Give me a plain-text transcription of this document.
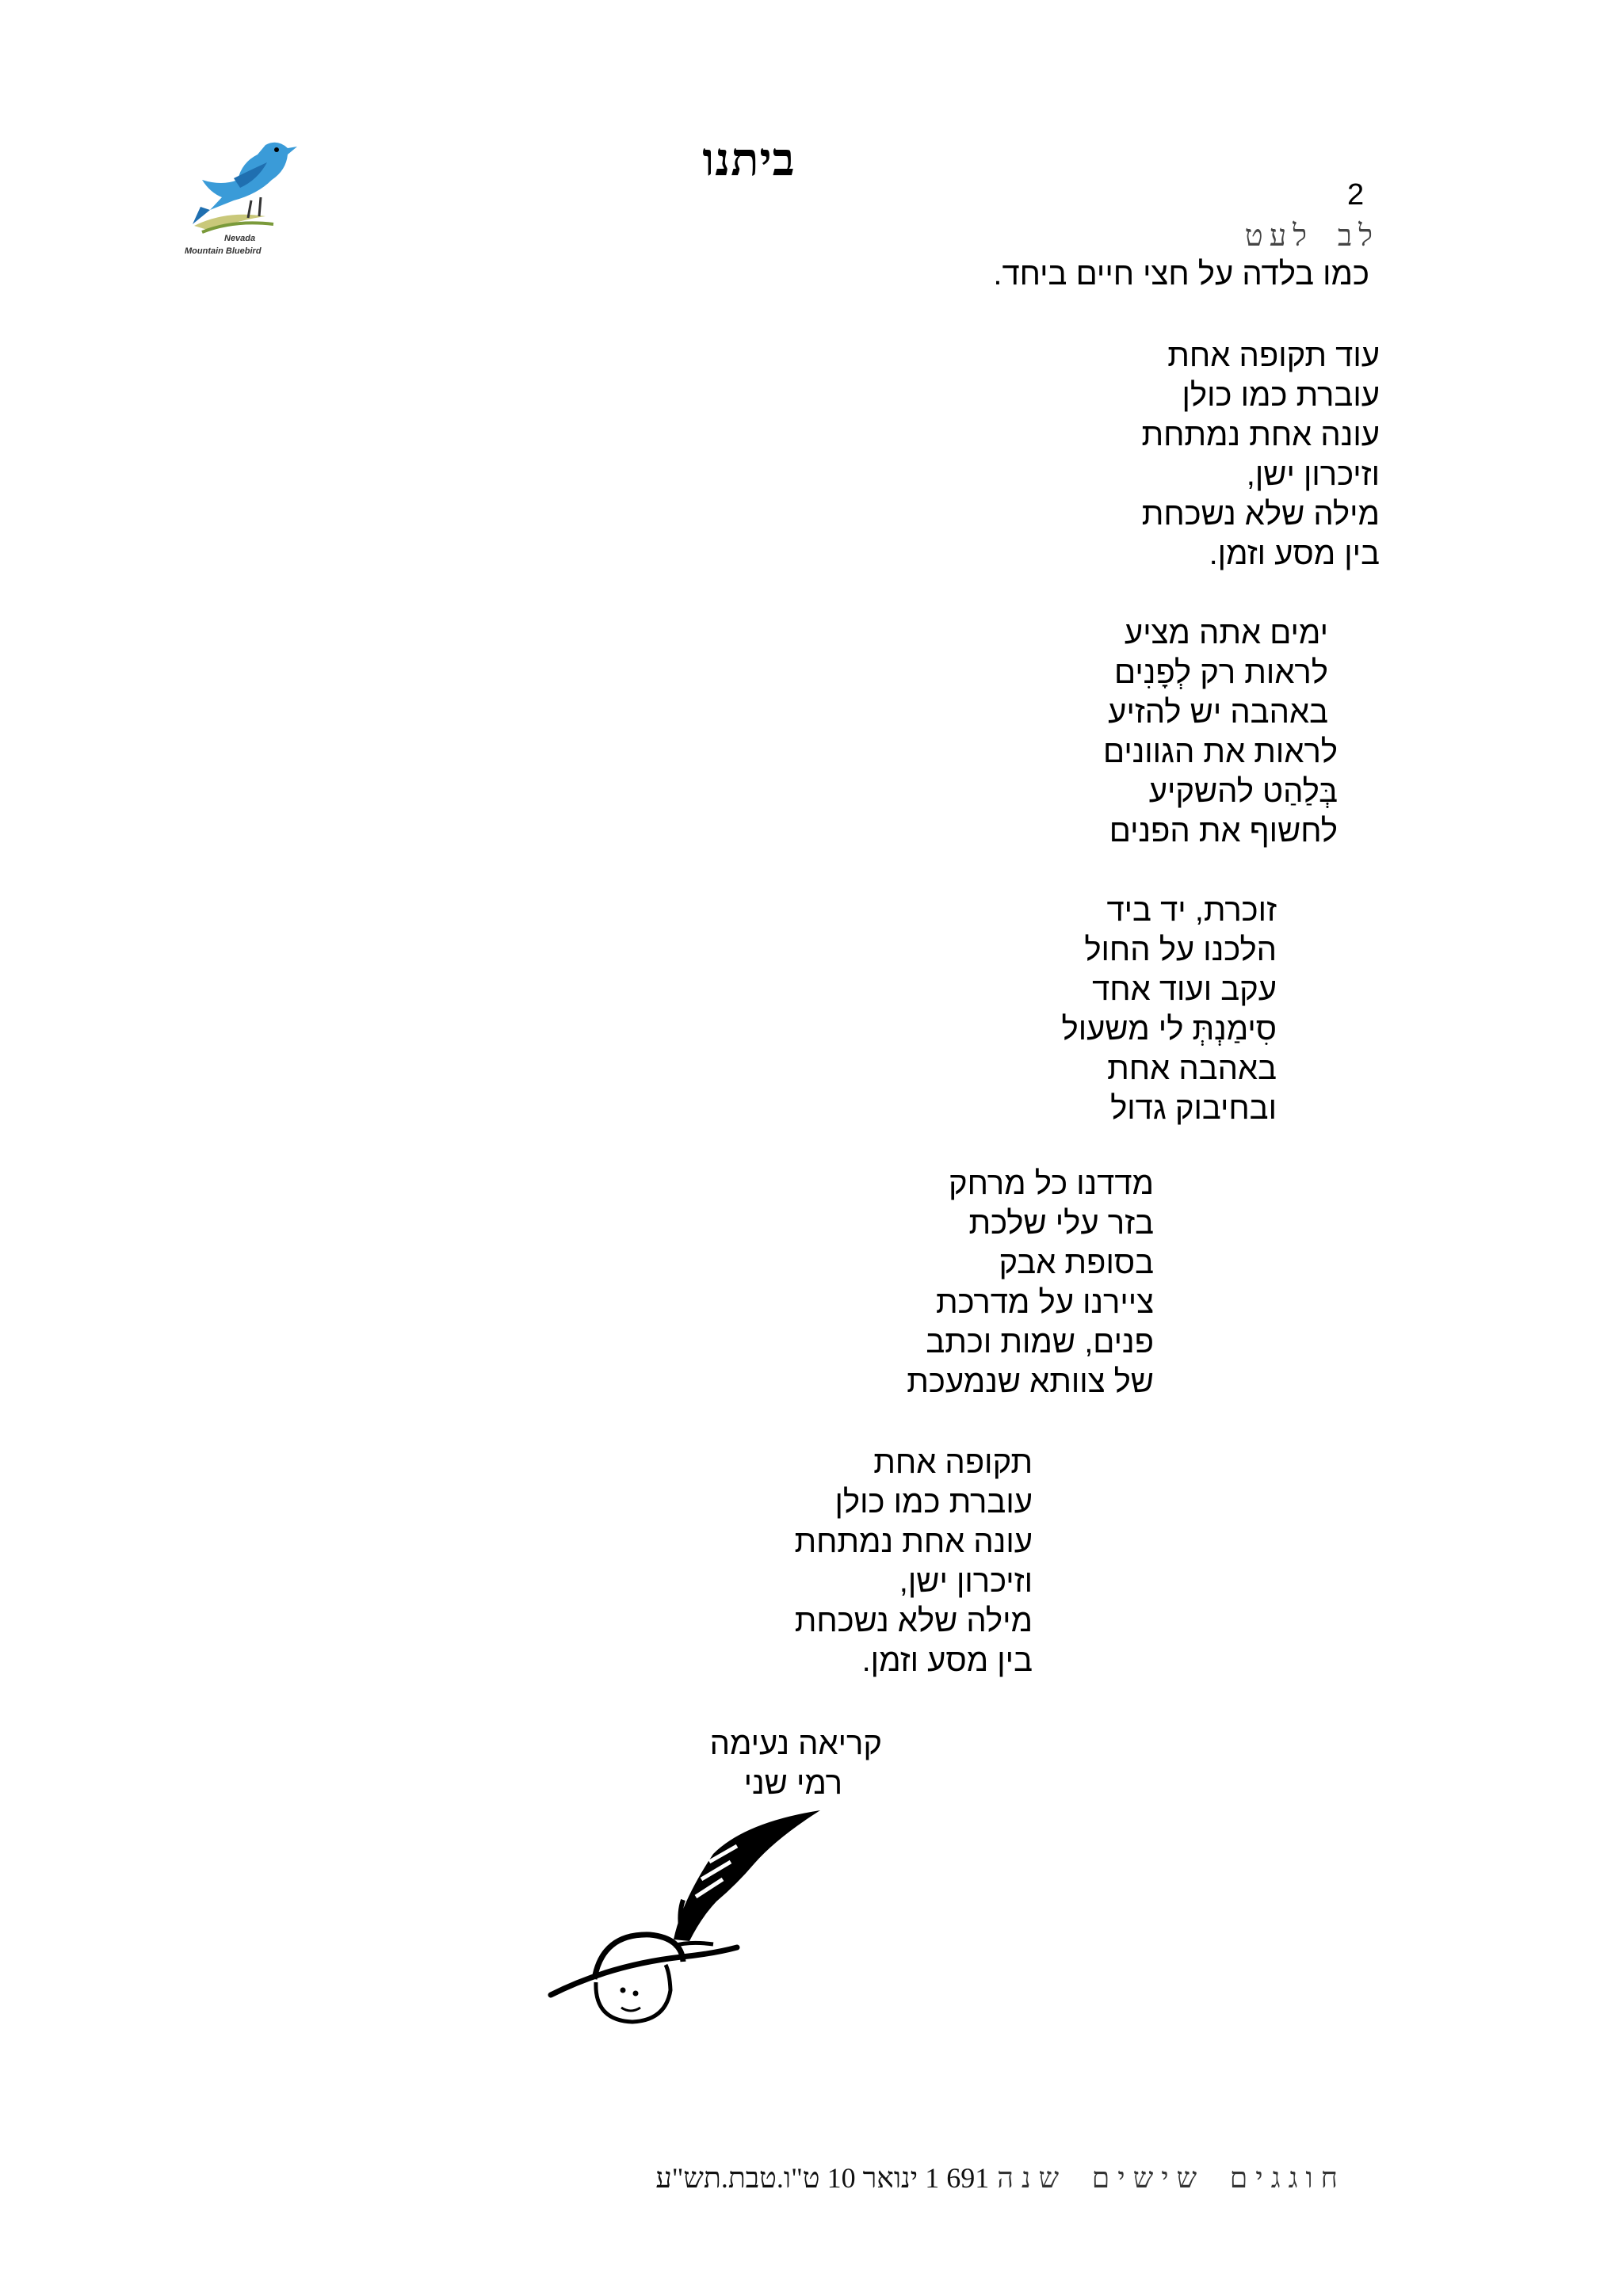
Nevada
Mountain Bluebird
ביתנו

2
לב לעט
כמו בלדה על חצי חיים ביחד.
עוד תקופה אחת
עוברת כמו כולן
עונה אחת נמתחת
וזיכרון ישן,
מילה שלא נשכחת
בין מסע וזמן.
ימים אתה מציע
לראות רק לְפָנִים
באהבה יש להזיע
לראות את הגוונים
בְּלַהַט להשקיע
לחשוף את הפנים
זוכרת, יד ביד
הלכנו על החול
עקב ועוד אחד
סִימַנְתְּ לי משעול
באהבה אחת
ובחיבוק גדול
מדדנו כל מרחק
בזר עלי שלכת
בסופת אבק
ציירנו על מדרכת
פנים, שמות וכתב
של צוותא שנמעכת
תקופה אחת
עוברת כמו כולן
עונה אחת נמתחת
וזיכרון ישן,
מילה שלא נשכחת
בין מסע וזמן.
קריאה נעימה
רמי שני
חוגגים שישים שנה 691 1 ינואר 10 ט"ו.טבת.תש"ע
